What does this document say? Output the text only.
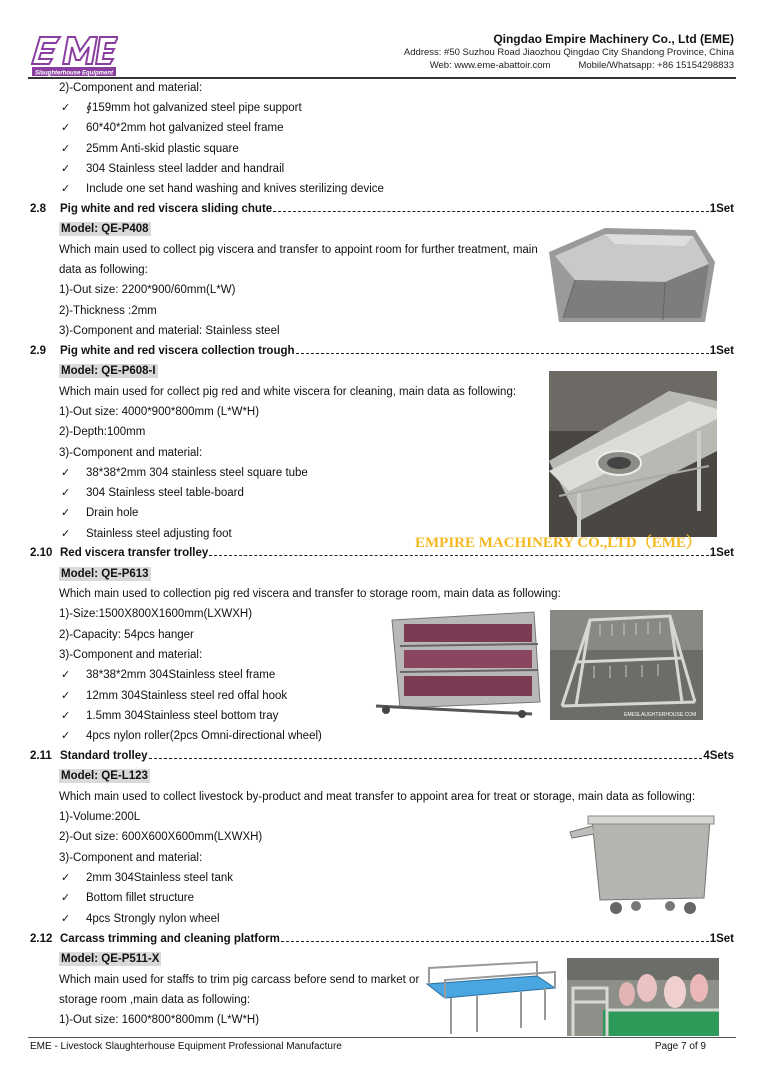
Slaughterhouse Equipment
Qingdao Empire Machinery Co., Ltd (EME)
Address: #50 Suzhou Road Jiaozhou Qingdao City Shandong Province, China
Web: www.eme-abattoir.com	Mobile/Whatsapp: +86 15154298833
2)-Component and material:
✓ ∮159mm hot galvanized steel pipe support
✓ 60*40*2mm hot galvanized steel frame
✓ 25mm Anti-skid plastic square
✓ 304 Stainless steel ladder and handrail
✓ Include one set hand washing and knives sterilizing device
2.8	Pig white and red viscera sliding chute	1Set
Model: QE-P408
Which main used to collect pig viscera and transfer to appoint room for further treatment, main
data as following:
1)-Out size: 2200*900/60mm(L*W)
2)-Thickness :2mm
3)-Component and material: Stainless steel
2.9	Pig white and red viscera collection trough	1Set
Model: QE-P608-I
Which main used for collect pig red and white viscera for cleaning, main data as following:
1)-Out size: 4000*900*800mm (L*W*H)
2)-Depth:100mm
3)-Component and material:
✓ 38*38*2mm 304 stainless steel square tube
✓ 304 Stainless steel table-board
✓ Drain hole
✓ Stainless steel adjusting foot
EMPIRE MACHINERY CO.,LTD（EME）
2.10 Red viscera transfer trolley	1Set
Model: QE-P613
Which main used to collection pig red viscera and transfer to storage room, main data as following:
1)-Size:1500X800X1600mm(LXWXH)
2)-Capacity: 54pcs hanger
3)-Component and material:
✓ 38*38*2mm 304Stainless steel frame
✓ 12mm 304Stainless steel red offal hook
✓ 1.5mm 304Stainless steel bottom tray
✓ 4pcs nylon roller(2pcs Omni-directional wheel)
EMESLAUGHTERHOUSE.COM
2.11 Standard trolley	4Sets
Model: QE-L123
Which main used to collect livestock by-product and meat transfer to appoint area for treat or storage, main data as following:
1)-Volume:200L
2)-Out size: 600X600X600mm(LXWXH)
3)-Component and material:
✓ 2mm 304Stainless steel tank
✓ Bottom fillet structure
✓ 4pcs Strongly nylon wheel
2.12 Carcass trimming and cleaning platform	1Set
Model: QE-P511-X
Which main used for staffs to trim pig carcass before send to market or
storage room ,main data as following:
1)-Out size: 1600*800*800mm (L*W*H)
EME - Livestock Slaughterhouse Equipment Professional Manufacture	Page 7 of 9
